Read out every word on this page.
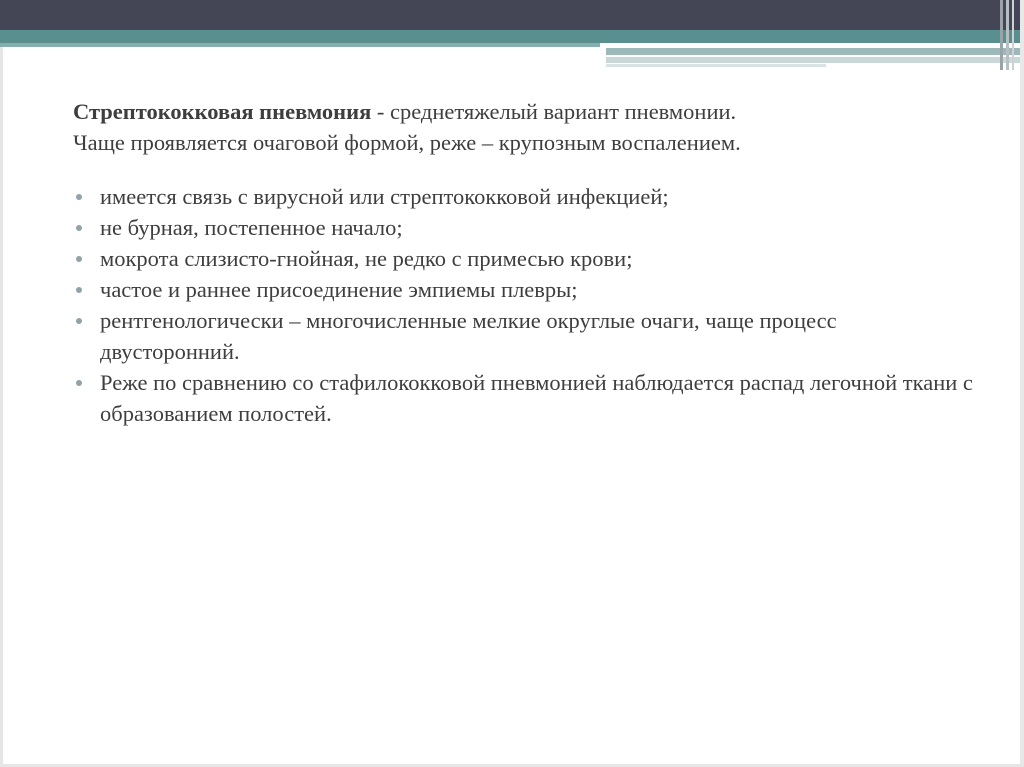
Стрептококковая пневмония - среднетяжелый вариант пневмонии.
Чаще проявляется очаговой формой, реже – крупозным воспалением.

имеется связь с вирусной или стрептококковой инфекцией;
не бурная, постепенное начало;
мокрота слизисто-гнойная, не редко с примесью крови;
частое и раннее присоединение эмпиемы плевры;
рентгенологически – многочисленные мелкие округлые очаги, чаще процесс двусторонний.
Реже по сравнению со стафилококковой пневмонией наблюдается распад легочной ткани с образованием полостей.
